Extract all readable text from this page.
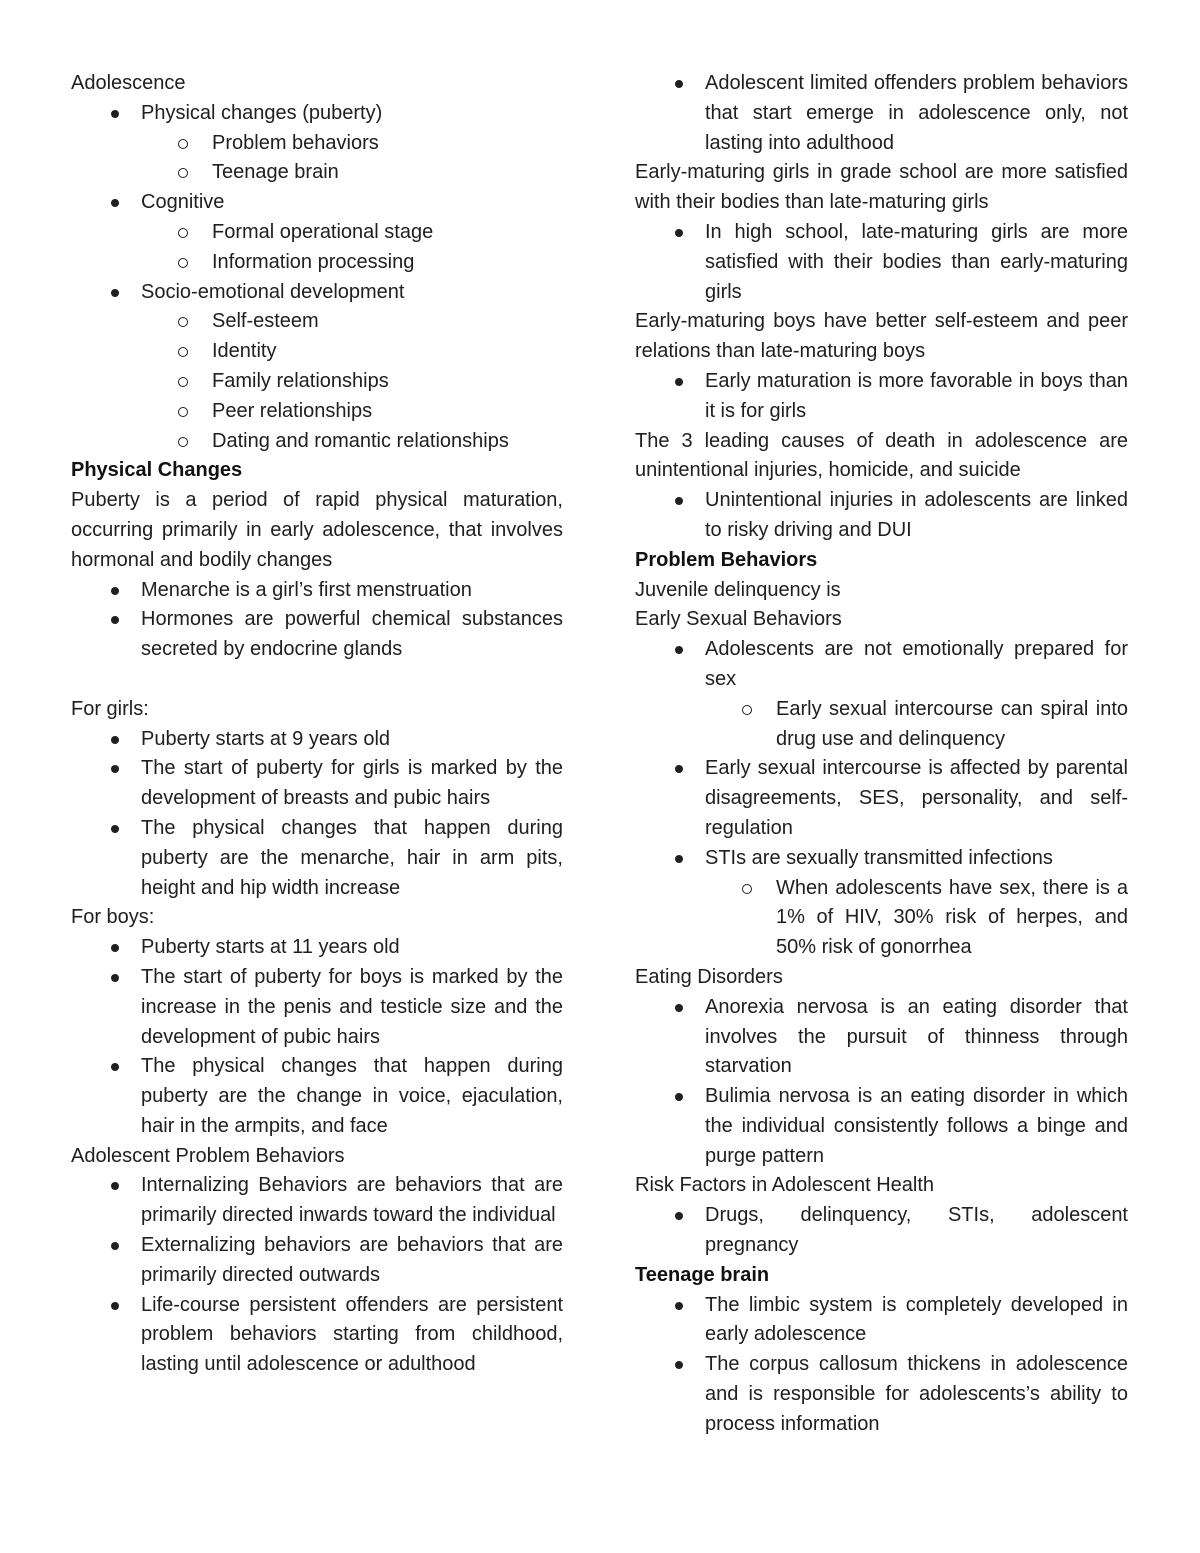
Adolescence
Physical changes (puberty)
Problem behaviors
Teenage brain
Cognitive
Formal operational stage
Information processing
Socio-emotional development
Self-esteem
Identity
Family relationships
Peer relationships
Dating and romantic relationships
Physical Changes
Puberty is a period of rapid physical maturation, occurring primarily in early adolescence, that involves hormonal and bodily changes
Menarche is a girl’s first menstruation
Hormones are powerful chemical substances secreted by endocrine glands
For girls:
Puberty starts at 9 years old
The start of puberty for girls is marked by the development of breasts and pubic hairs
The physical changes that happen during puberty are the menarche, hair in arm pits, height and hip width increase
For boys:
Puberty starts at 11 years old
The start of puberty for boys is marked by the increase in the penis and testicle size and the development of pubic hairs
The physical changes that happen during puberty are the change in voice, ejaculation, hair in the armpits, and face
Adolescent Problem Behaviors
Internalizing Behaviors are behaviors that are primarily directed inwards toward the individual
Externalizing behaviors are behaviors that are primarily directed outwards
Life-course persistent offenders are persistent problem behaviors starting from childhood, lasting until adolescence or adulthood
Adolescent limited offenders problem behaviors that start emerge in adolescence only, not lasting into adulthood
Early-maturing girls in grade school are more satisfied with their bodies than late-maturing girls
In high school, late-maturing girls are more satisfied with their bodies than early-maturing girls
Early-maturing boys have better self-esteem and peer relations than late-maturing boys
Early maturation is more favorable in boys than it is for girls
The 3 leading causes of death in adolescence are unintentional injuries, homicide, and suicide
Unintentional injuries in adolescents are linked to risky driving and DUI
Problem Behaviors
Juvenile delinquency is
Early Sexual Behaviors
Adolescents are not emotionally prepared for sex
Early sexual intercourse can spiral into drug use and delinquency
Early sexual intercourse is affected by parental disagreements, SES, personality, and self-regulation
STIs are sexually transmitted infections
When adolescents have sex, there is a 1% of HIV, 30% risk of herpes, and 50% risk of gonorrhea
Eating Disorders
Anorexia nervosa is an eating disorder that involves the pursuit of thinness through starvation
Bulimia nervosa is an eating disorder in which the individual consistently follows a binge and purge pattern
Risk Factors in Adolescent Health
Drugs, delinquency, STIs, adolescent pregnancy
Teenage brain
The limbic system is completely developed in early adolescence
The corpus callosum thickens in adolescence and is responsible for adolescents’s ability to process information
